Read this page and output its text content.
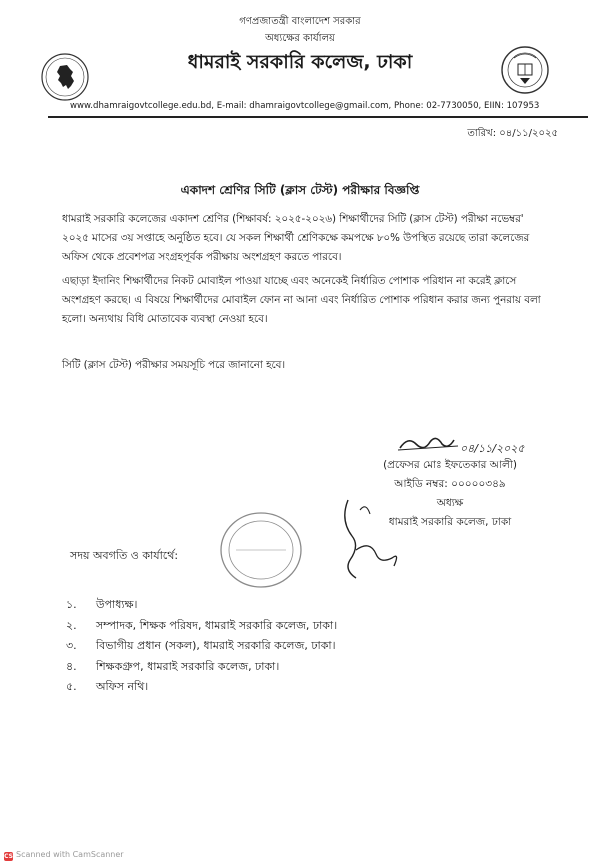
গণপ্রজাতন্ত্রী বাংলাদেশ সরকার
অধ্যক্ষের কার্যালয়
ধামরাই সরকারি কলেজ, ঢাকা
www.dhamraigovtcollege.edu.bd, E-mail: dhamraigovtcollege@gmail.com, Phone: 02-7730050, EIIN: 107953
তারিখ: ০৪/১১/২০২৫
একাদশ শ্রেণির সিটি (ক্লাস টেস্ট) পরীক্ষার বিজ্ঞপ্তি
ধামরাই সরকারি কলেজের একাদশ শ্রেণির (শিক্ষাবর্ষ: ২০২৫-২০২৬) শিক্ষার্থীদের সিটি (ক্লাস টেস্ট) পরীক্ষা নভেম্বর' ২০২৫ মাসের ৩য় সপ্তাহে অনুষ্ঠিত হবে। যে সকল শিক্ষার্থী শ্রেণিকক্ষে কমপক্ষে ৮০% উপস্থিত রয়েছে তারা কলেজের অফিস থেকে প্রবেশপত্র সংগ্রহপূর্বক পরীক্ষায় অংশগ্রহণ করতে পারবে।
এছাড়া ইদানিং শিক্ষার্থীদের নিকট মোবাইল পাওয়া যাচ্ছে এবং অনেকেই নির্ধারিত পোশাক পরিধান না করেই ক্লাসে অংশগ্রহণ করছে। এ বিষয়ে শিক্ষার্থীদের মোবাইল ফোন না আনা এবং নির্ধারিত পোশাক পরিধান করার জন্য পুনরায় বলা হলো। অন্যথায় বিধি মোতাবেক ব্যবস্থা নেওয়া হবে।
সিটি (ক্লাস টেস্ট) পরীক্ষার সময়সূচি পরে জানানো হবে।
০৪/১১/২০২৫
(প্রফেসর মোঃ ইফতেকার আলী)
আইডি নম্বর: ০০০০০৩৪৯
অধ্যক্ষ
ধামরাই সরকারি কলেজ, ঢাকা
সদয় অবগতি ও কার্যার্থে:
১. উপাধ্যক্ষ।
২. সম্পাদক, শিক্ষক পরিষদ, ধামরাই সরকারি কলেজ, ঢাকা।
৩. বিভাগীয় প্রধান (সকল), ধামরাই সরকারি কলেজ, ঢাকা।
৪. শিক্ষকগ্রুপ, ধামরাই সরকারি কলেজ, ঢাকা।
৫. অফিস নথি।
CS Scanned with CamScanner
